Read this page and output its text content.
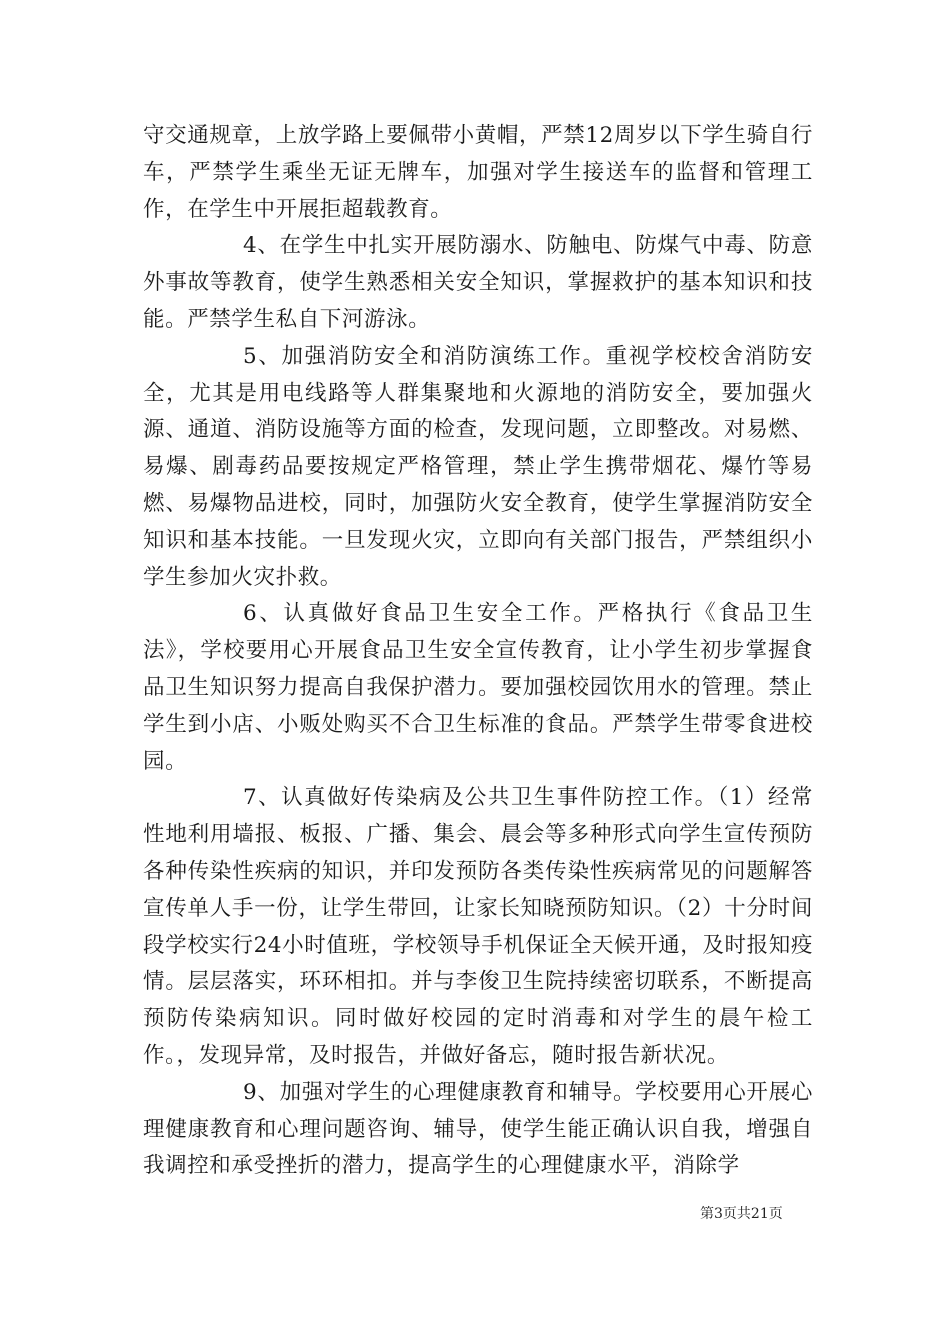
守交通规章，上放学路上要佩带小黄帽，严禁12周岁以下学生骑自行车，严禁学生乘坐无证无牌车，加强对学生接送车的监督和管理工作，在学生中开展拒超载教育。

4、在学生中扎实开展防溺水、防触电、防煤气中毒、防意外事故等教育，使学生熟悉相关安全知识，掌握救护的基本知识和技能。严禁学生私自下河游泳。

5、加强消防安全和消防演练工作。重视学校校舍消防安全，尤其是用电线路等人群集聚地和火源地的消防安全，要加强火源、通道、消防设施等方面的检查，发现问题，立即整改。对易燃、易爆、剧毒药品要按规定严格管理，禁止学生携带烟花、爆竹等易燃、易爆物品进校，同时，加强防火安全教育，使学生掌握消防安全知识和基本技能。一旦发现火灾，立即向有关部门报告，严禁组织小学生参加火灾扑救。

6、认真做好食品卫生安全工作。严格执行《食品卫生法》，学校要用心开展食品卫生安全宣传教育，让小学生初步掌握食品卫生知识努力提高自我保护潜力。要加强校园饮用水的管理。禁止学生到小店、小贩处购买不合卫生标准的食品。严禁学生带零食进校园。

7、认真做好传染病及公共卫生事件防控工作。（1）经常性地利用墙报、板报、广播、集会、晨会等多种形式向学生宣传预防各种传染性疾病的知识，并印发预防各类传染性疾病常见的问题解答宣传单人手一份，让学生带回，让家长知晓预防知识。（2）十分时间段学校实行24小时值班，学校领导手机保证全天候开通，及时报知疫情。层层落实，环环相扣。并与李俊卫生院持续密切联系，不断提高预防传染病知识。同时做好校园的定时消毒和对学生的晨午检工作。，发现异常，及时报告，并做好备忘，随时报告新状况。

9、加强对学生的心理健康教育和辅导。学校要用心开展心理健康教育和心理问题咨询、辅导，使学生能正确认识自我，增强自我调控和承受挫折的潜力，提高学生的心理健康水平，消除学

第3页共21页
